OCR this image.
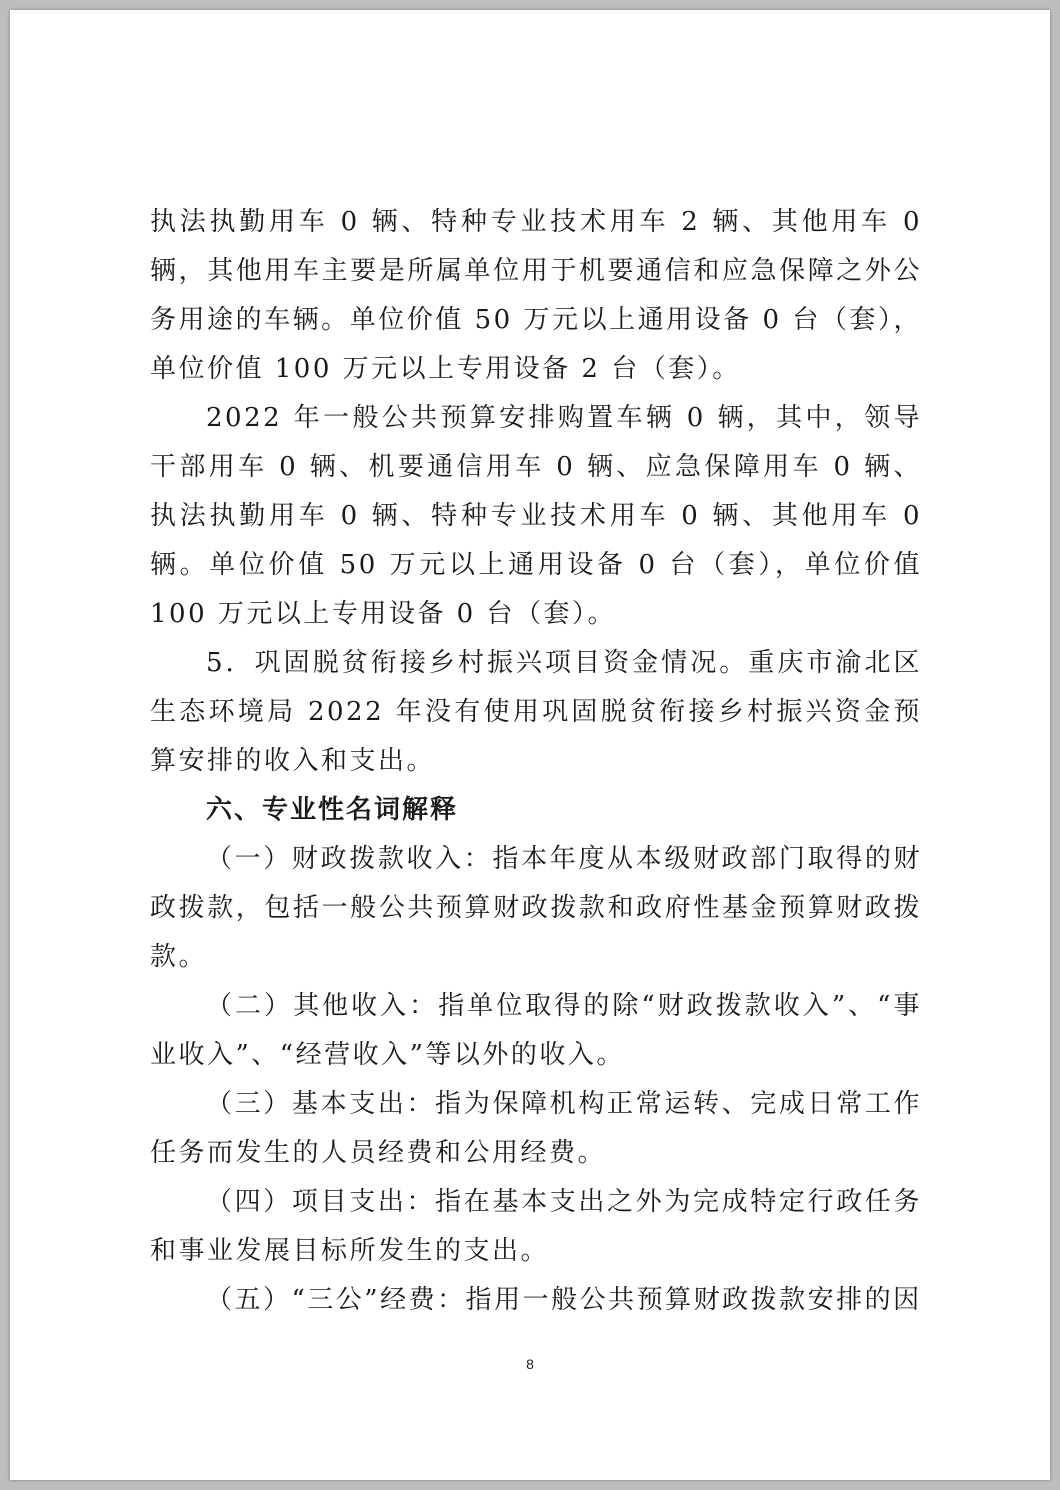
执法执勤用车 0 辆、特种专业技术用车 2 辆、其他用车 0 辆，其他用车主要是所属单位用于机要通信和应急保障之外公务用途的车辆。单位价值 50 万元以上通用设备 0 台（套），单位价值 100 万元以上专用设备 2 台（套）。

2022 年一般公共预算安排购置车辆 0 辆，其中，领导干部用车 0 辆、机要通信用车 0 辆、应急保障用车 0 辆、执法执勤用车 0 辆、特种专业技术用车 0 辆、其他用车 0 辆。单位价值 50 万元以上通用设备 0 台（套），单位价值 100 万元以上专用设备 0 台（套）。

5．巩固脱贫衔接乡村振兴项目资金情况。重庆市渝北区生态环境局 2022 年没有使用巩固脱贫衔接乡村振兴资金预算安排的收入和支出。

六、专业性名词解释

（一）财政拨款收入：指本年度从本级财政部门取得的财政拨款，包括一般公共预算财政拨款和政府性基金预算财政拨款。

（二）其他收入：指单位取得的除“财政拨款收入”、“事业收入”、“经营收入”等以外的收入。

（三）基本支出：指为保障机构正常运转、完成日常工作任务而发生的人员经费和公用经费。

（四）项目支出：指在基本支出之外为完成特定行政任务和事业发展目标所发生的支出。

（五）“三公”经费：指用一般公共预算财政拨款安排的因

8
